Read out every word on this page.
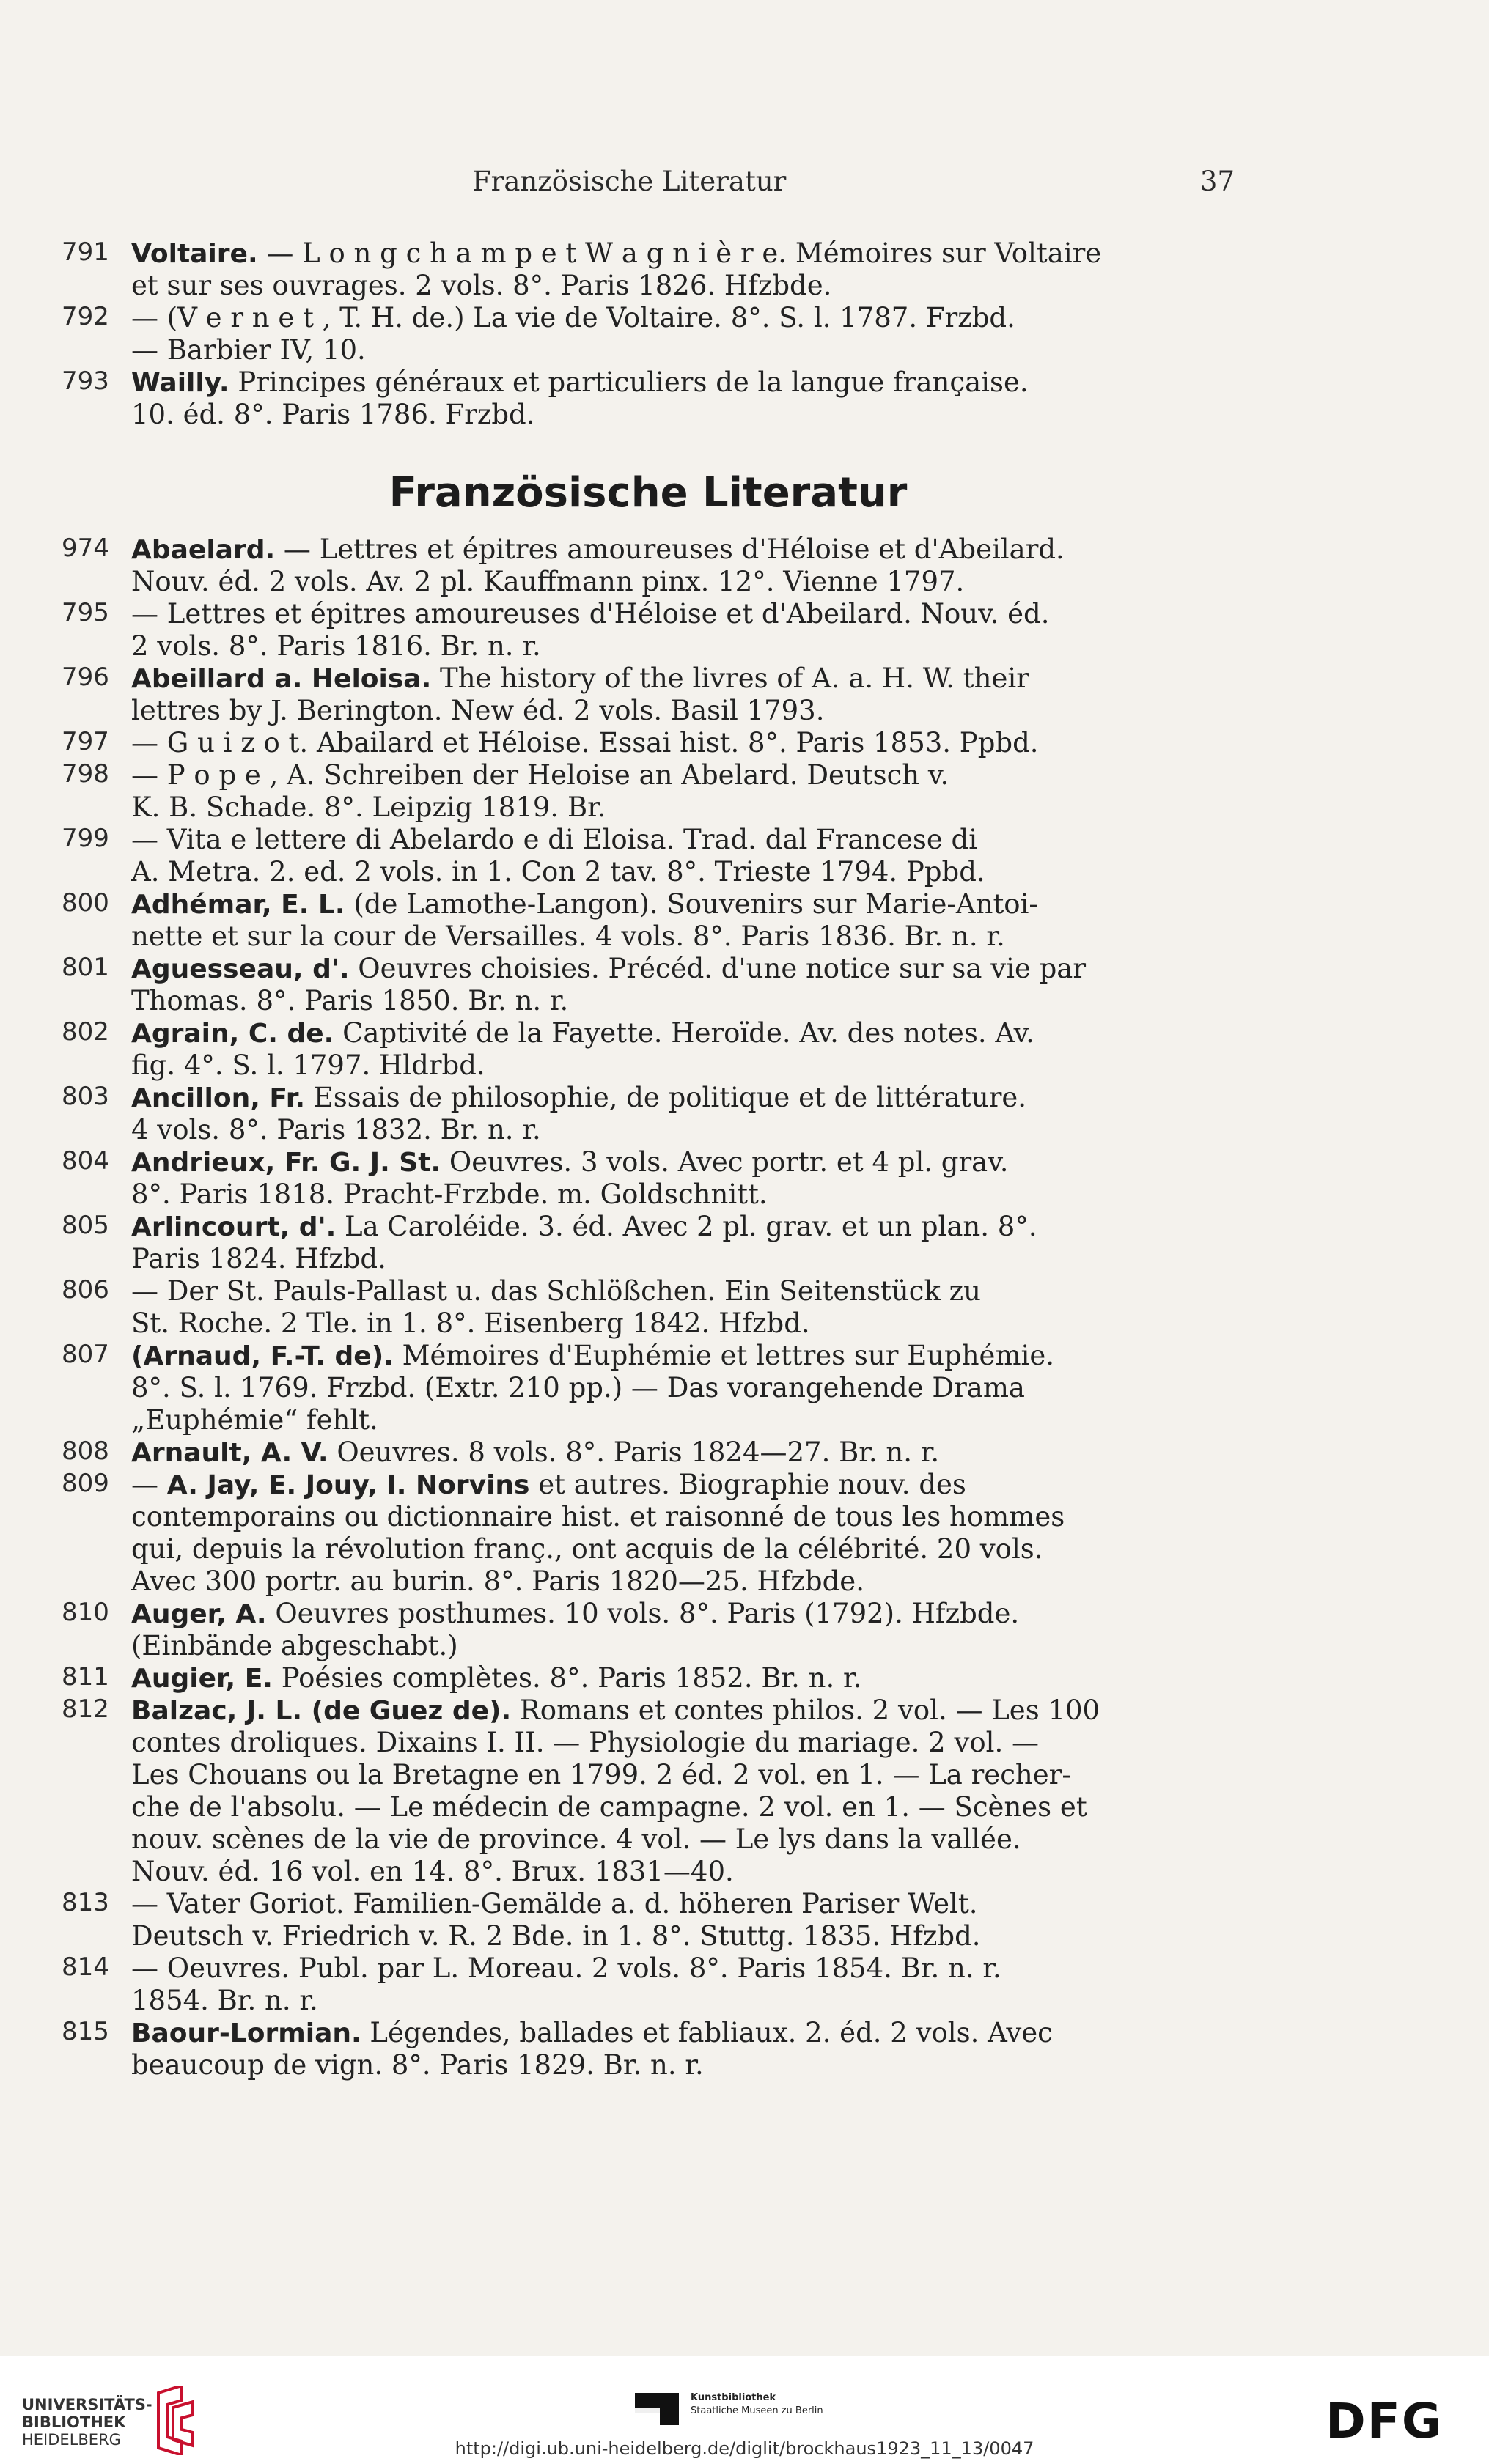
Französische Literatur	37
791 Voltaire. — L o n g c h a m p e t W a g n i è r e. Mémoires sur Voltaire
et sur ses ouvrages. 2 vols. 8°. Paris 1826. Hfzbde.
792 — (V e r n e t , T. H. de.) La vie de Voltaire. 8°. S. l. 1787. Frzbd.
— Barbier IV, 10.
793 Wailly. Principes généraux et particuliers de la langue française.
10. éd. 8°. Paris 1786. Frzbd.
Französische Literatur
974 Abaelard. — Lettres et épitres amoureuses d'Héloise et d'Abeilard.
Nouv. éd. 2 vols. Av. 2 pl. Kauffmann pinx. 12°. Vienne 1797.
795 — Lettres et épitres amoureuses d'Héloise et d'Abeilard. Nouv. éd.
2 vols. 8°. Paris 1816. Br. n. r.
796 Abeillard a. Heloisa. The history of the livres of A. a. H. W. their
lettres by J. Berington. New éd. 2 vols. Basil 1793.
797 — G u i z o t. Abailard et Héloise. Essai hist. 8°. Paris 1853. Ppbd.
798 — P o p e , A. Schreiben der Heloise an Abelard. Deutsch v.
K. B. Schade. 8°. Leipzig 1819. Br.
799 — Vita e lettere di Abelardo e di Eloisa. Trad. dal Francese di
A. Metra. 2. ed. 2 vols. in 1. Con 2 tav. 8°. Trieste 1794. Ppbd.
800 Adhémar, E. L. (de Lamothe-Langon). Souvenirs sur Marie-Antoi-
nette et sur la cour de Versailles. 4 vols. 8°. Paris 1836. Br. n. r.
801 Aguesseau, d'. Oeuvres choisies. Précéd. d'une notice sur sa vie par
Thomas. 8°. Paris 1850. Br. n. r.
802 Agrain, C. de. Captivité de la Fayette. Heroïde. Av. des notes. Av.
fig. 4°. S. l. 1797. Hldrbd.
803 Ancillon, Fr. Essais de philosophie, de politique et de littérature.
4 vols. 8°. Paris 1832. Br. n. r.
804 Andrieux, Fr. G. J. St. Oeuvres. 3 vols. Avec portr. et 4 pl. grav.
8°. Paris 1818. Pracht-Frzbde. m. Goldschnitt.
805 Arlincourt, d'. La Caroléide. 3. éd. Avec 2 pl. grav. et un plan. 8°.
Paris 1824. Hfzbd.
806 — Der St. Pauls-Pallast u. das Schlößchen. Ein Seitenstück zu
St. Roche. 2 Tle. in 1. 8°. Eisenberg 1842. Hfzbd.
807 (Arnaud, F.-T. de). Mémoires d'Euphémie et lettres sur Euphémie.
8°. S. l. 1769. Frzbd. (Extr. 210 pp.) — Das vorangehende Drama
„Euphémie“ fehlt.
808 Arnault, A. V. Oeuvres. 8 vols. 8°. Paris 1824—27. Br. n. r.
809 — A. Jay, E. Jouy, I. Norvins et autres. Biographie nouv. des
contemporains ou dictionnaire hist. et raisonné de tous les hommes
qui, depuis la révolution franç., ont acquis de la célébrité. 20 vols.
Avec 300 portr. au burin. 8°. Paris 1820—25. Hfzbde.
810 Auger, A. Oeuvres posthumes. 10 vols. 8°. Paris (1792). Hfzbde.
(Einbände abgeschabt.)
811 Augier, E. Poésies complètes. 8°. Paris 1852. Br. n. r.
812 Balzac, J. L. (de Guez de). Romans et contes philos. 2 vol. — Les 100
contes droliques. Dixains I. II. — Physiologie du mariage. 2 vol. —
Les Chouans ou la Bretagne en 1799. 2 éd. 2 vol. en 1. — La recher-
che de l'absolu. — Le médecin de campagne. 2 vol. en 1. — Scènes et
nouv. scènes de la vie de province. 4 vol. — Le lys dans la vallée.
Nouv. éd. 16 vol. en 14. 8°. Brux. 1831—40.
813 — Vater Goriot. Familien-Gemälde a. d. höheren Pariser Welt.
Deutsch v. Friedrich v. R. 2 Bde. in 1. 8°. Stuttg. 1835. Hfzbd.
814 — Oeuvres. Publ. par L. Moreau. 2 vols. 8°. Paris 1854. Br. n. r.
1854. Br. n. r.
815 Baour-Lormian. Légendes, ballades et fabliaux. 2. éd. 2 vols. Avec
beaucoup de vign. 8°. Paris 1829. Br. n. r.
UNIVERSITÄTS-
BIBLIOTHEK
HEIDELBERG
Kunstbibliothek
Staatliche Museen zu Berlin	DFG
http://digi.ub.uni-heidelberg.de/diglit/brockhaus1923_11_13/0047
